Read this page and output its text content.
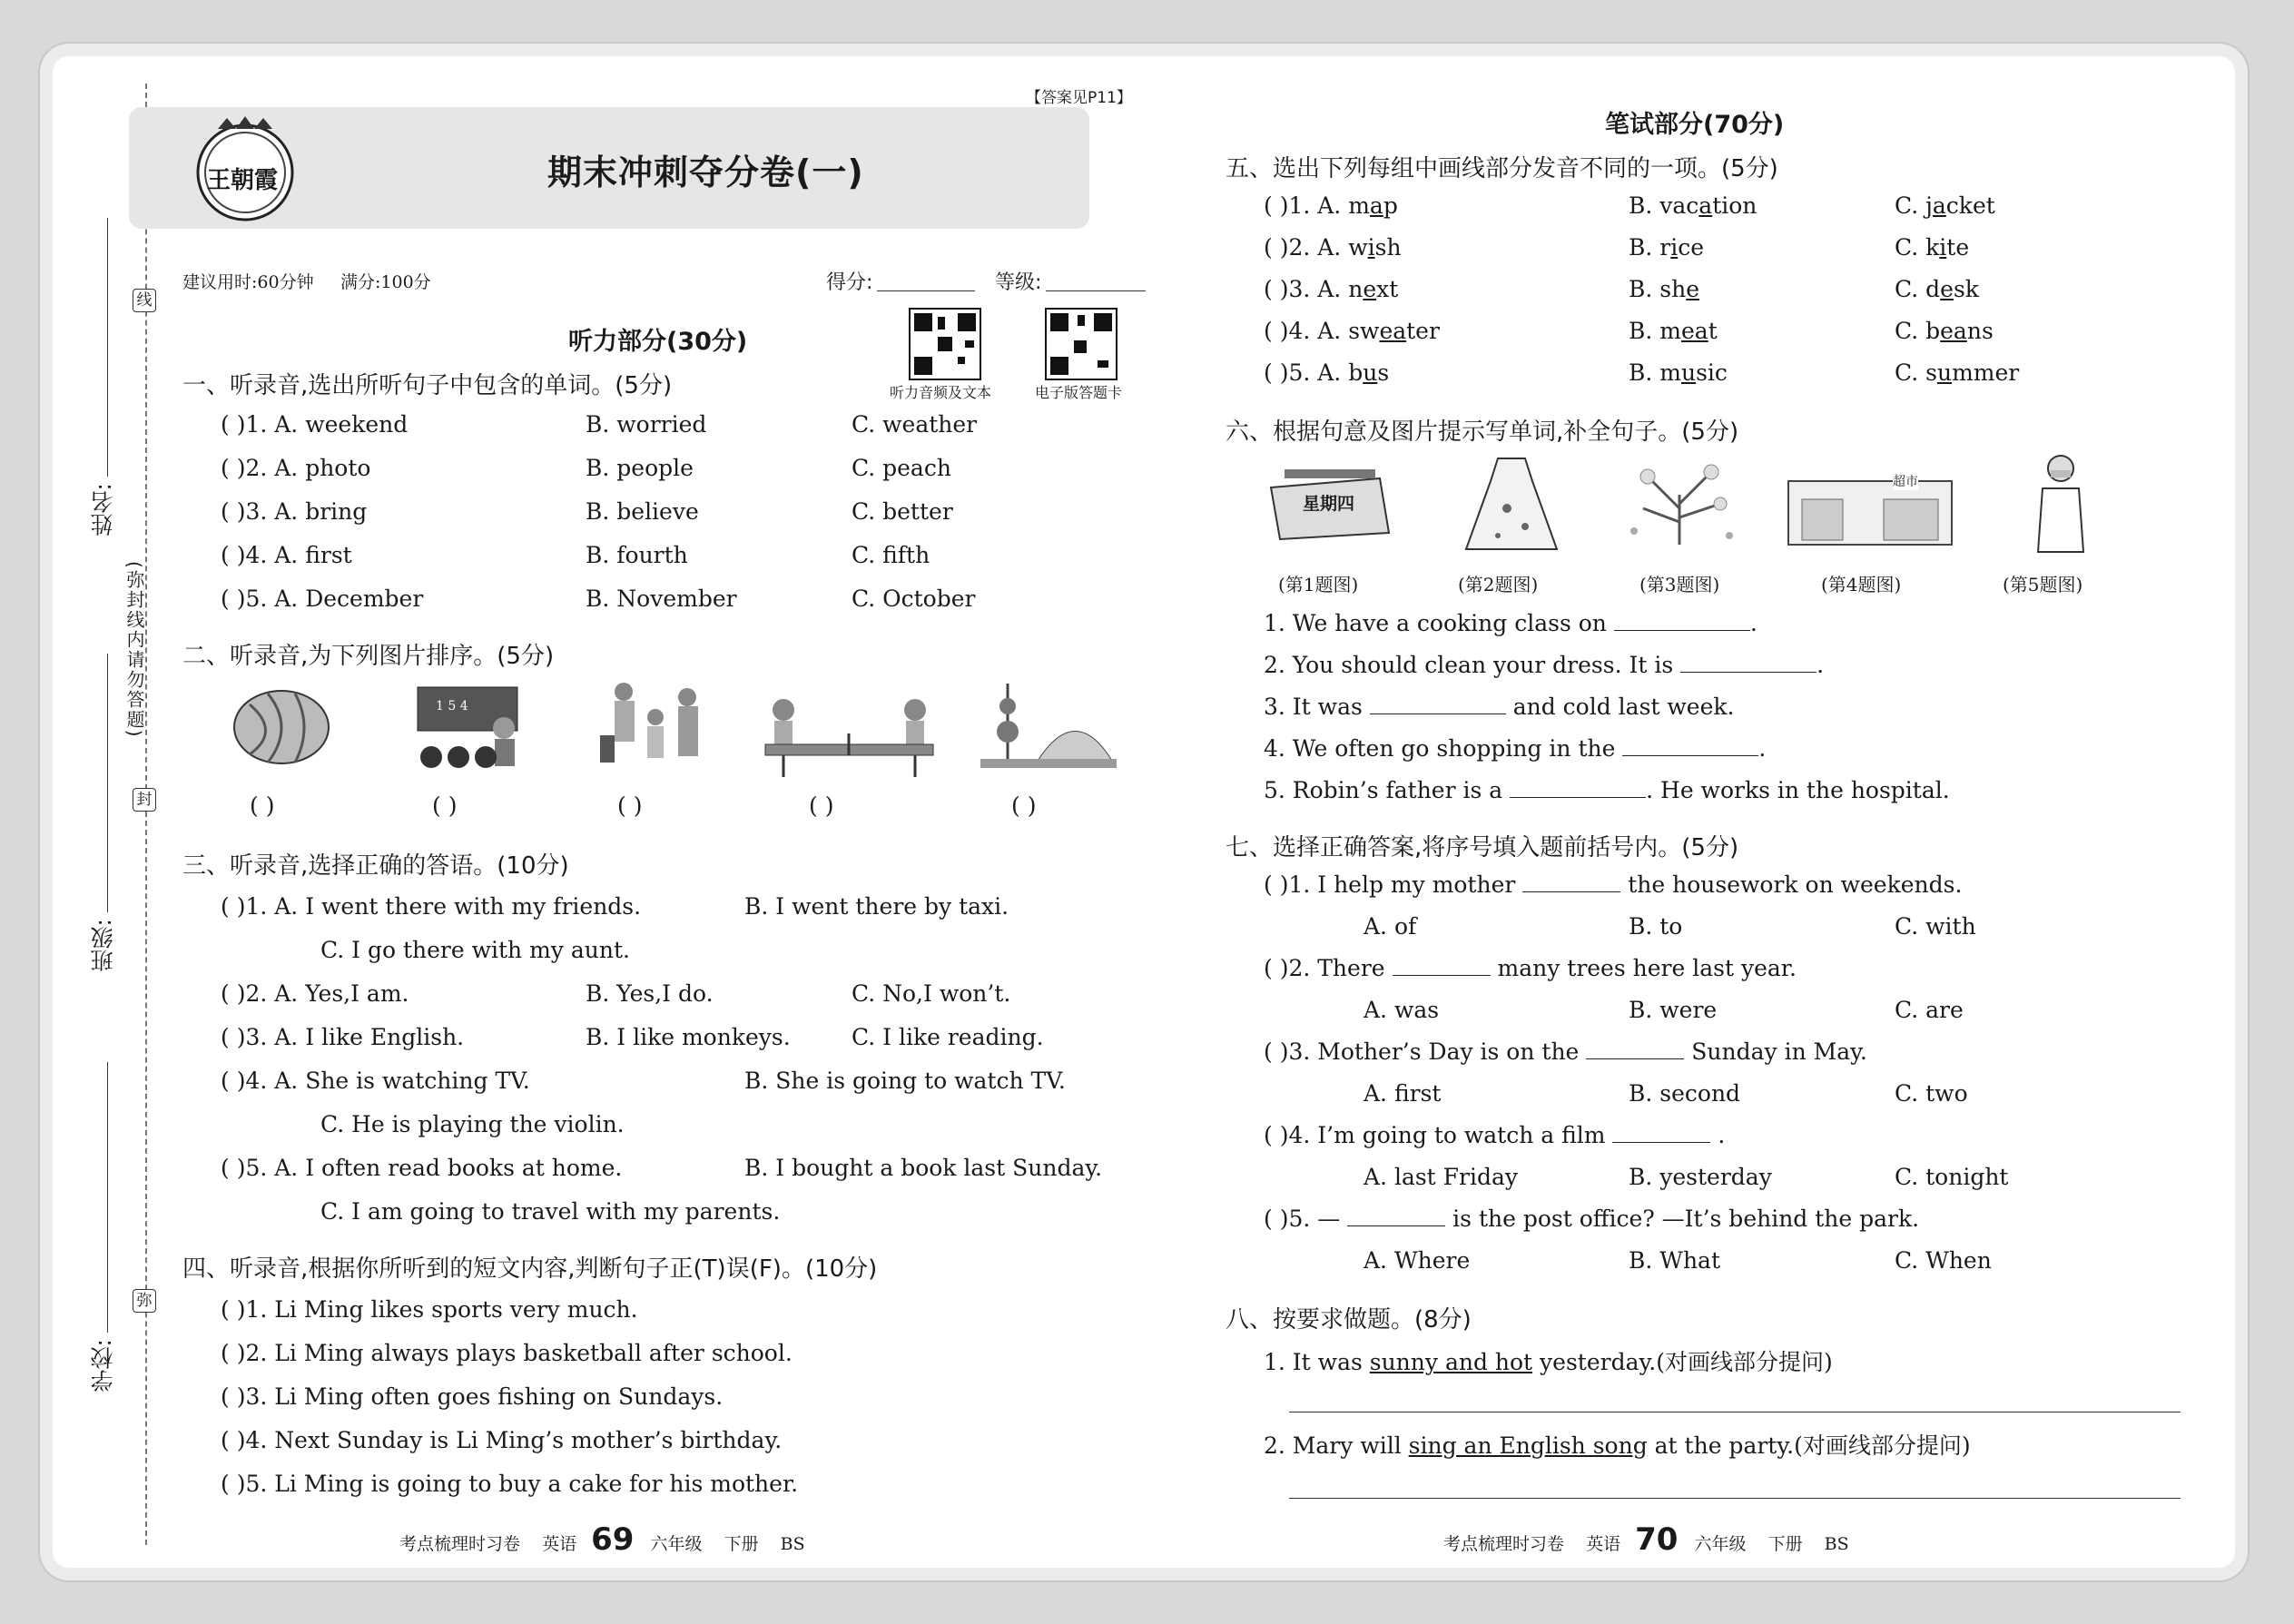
线
封
弥
(弥封线内请勿答题)
姓名:
班级:
学校:
【答案见P11】
王朝霞	期末冲刺夺分卷(一)
建议用时:60分钟 满分:100分	得分:	等级:
听力部分(30分)
听力音频及文本	电子版答题卡
一、听录音,选出所听句子中包含的单词。(5分)
( )1. A. weekend	B. worried	C. weather
( )2. A. photo	B. people	C. peach
( )3. A. bring	B. believe	C. better
( )4. A. first	B. fourth	C. fifth
( )5. A. December	B. November	C. October
二、听录音,为下列图片排序。(5分)
1 5 4
( )	( )	( )	( )	( )
三、听录音,选择正确的答语。(10分)
( )1. A. I went there with my friends.	B. I went there by taxi.
C. I go there with my aunt.
( )2. A. Yes,I am.	B. Yes,I do.	C. No,I won’t.
( )3. A. I like English.	B. I like monkeys.	C. I like reading.
( )4. A. She is watching TV.	B. She is going to watch TV.
C. He is playing the violin.
( )5. A. I often read books at home.	B. I bought a book last Sunday.
C. I am going to travel with my parents.
四、听录音,根据你所听到的短文内容,判断句子正(T)误(F)。(10分)
( )1. Li Ming likes sports very much.
( )2. Li Ming always plays basketball after school.
( )3. Li Ming often goes fishing on Sundays.
( )4. Next Sunday is Li Ming’s mother’s birthday.
( )5. Li Ming is going to buy a cake for his mother.
考点梳理时习卷 英语 69 六年级 下册 BS
笔试部分(70分)
五、选出下列每组中画线部分发音不同的一项。(5分)
( )1. A. map	B. vacation	C. jacket
( )2. A. wish	B. rice	C. kite
( )3. A. next	B. she	C. desk
( )4. A. sweater	B. meat	C. beans
( )5. A. bus	B. music	C. summer
六、根据句意及图片提示写单词,补全句子。(5分)
星期四
超市
(第1题图)	(第2题图)	(第3题图)	(第4题图)	(第5题图)
1. We have a cooking class on	.
2. You should clean your dress. It is	.
3. It was	and cold last week.
4. We often go shopping in the	.
5. Robin’s father is a	. He works in the hospital.
七、选择正确答案,将序号填入题前括号内。(5分)
( )1. I help my mother	the housework on weekends.
A. of	B. to	C. with
( )2. There	many trees here last year.
A. was	B. were	C. are
( )3. Mother’s Day is on the	Sunday in May.
A. first	B. second	C. two
( )4. I’m going to watch a film	.
A. last Friday	B. yesterday	C. tonight
( )5. —	is the post office? —It’s behind the park.
A. Where	B. What	C. When
八、按要求做题。(8分)
1. It was sunny and hot yesterday.(对画线部分提问)
2. Mary will sing an English song at the party.(对画线部分提问)
考点梳理时习卷 英语 70 六年级 下册 BS
